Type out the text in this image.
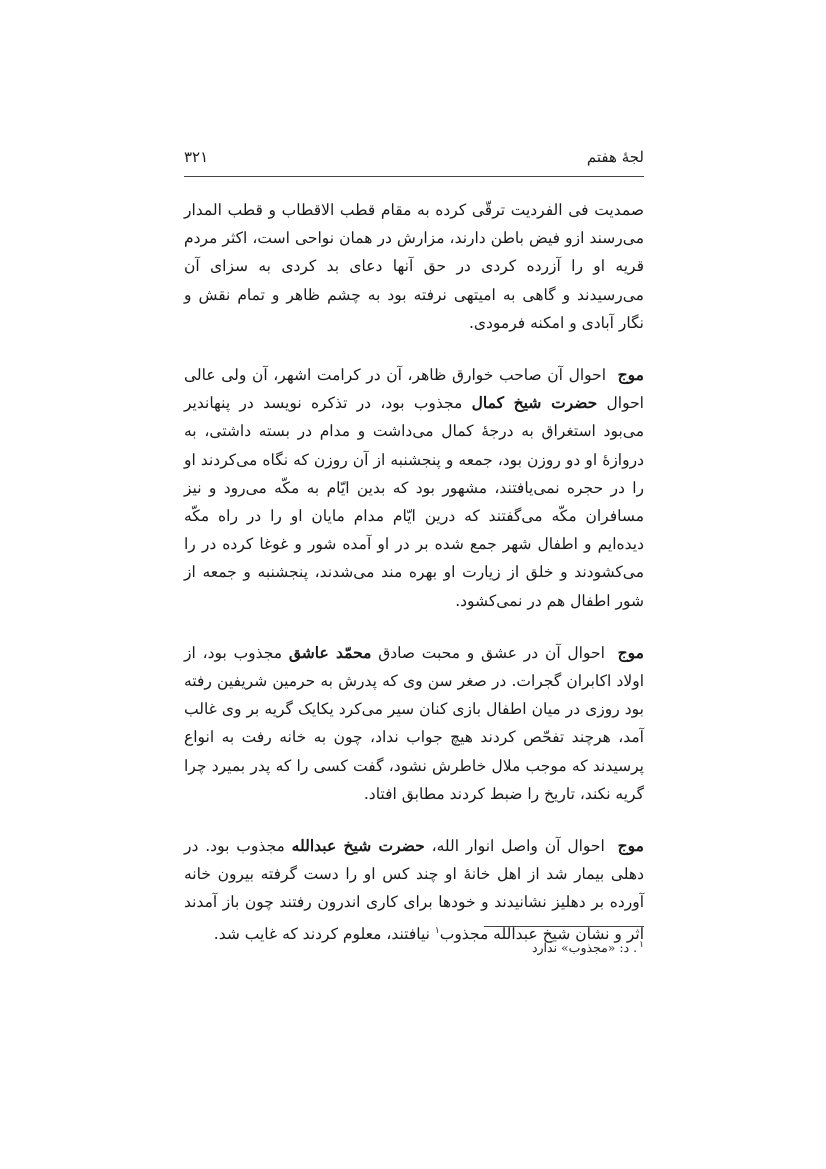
لجۀ هفتم
۳۲۱

صمدیت فی الفردیت ترقّی کرده به مقام قطب الاقطاب و قطب المدار می‌رسند ازو فیض باطن دارند، مزارش در همان نواحی است، اکثر مردم قریه او را آزرده کردی در حق آنها دعای بد کردی به سزای آن می‌رسیدند و گاهی به امیتهی نرفته بود به چشم ظاهر و تمام نقش و نگار آبادی و امکنه فرمودی.

موج احوال آن صاحب خوارق ظاهر، آن در کرامت اشهر، آن ولی عالی احوال حضرت شیخ کمال مجذوب بود، در تذکره نویسد در پنهاندیر می‌بود استغراق به درجۀ کمال می‌داشت و مدام در بسته داشتی، به دروازۀ او دو روزن بود، جمعه و پنجشنبه از آن روزن که نگاه می‌کردند او را در حجره نمی‌یافتند، مشهور بود که بدین ایّام به مکّه می‌رود و نیز مسافران مکّه می‌گفتند که درین ایّام مدام مایان او را در راه مکّه دیده‌ایم و اطفال شهر جمع شده بر در او آمده شور و غوغا کرده در را می‌کشودند و خلق از زیارت او بهره مند می‌شدند، پنجشنبه و جمعه از شور اطفال هم در نمی‌کشود.

موج احوال آن در عشق و محبت صادق محمّد عاشق مجذوب بود، از اولاد اکابران گجرات. در صغر سن وی که پدرش به حرمین شریفین رفته بود روزی در میان اطفال بازی کنان سیر می‌کرد یکایک گریه بر وی غالب آمد، هرچند تفحّص کردند هیچ جواب نداد، چون به خانه رفت به انواع پرسیدند که موجب ملال خاطرش نشود، گفت کسی را که پدر بمیرد چرا گریه نکند، تاریخ را ضبط کردند مطابق افتاد.

موج احوال آن واصل انوار الله، حضرت شیخ عبدالله مجذوب بود. در دهلی بیمار شد از اهل خانۀ او چند کس او را دست گرفته بیرون خانه آورده بر دهلیز نشانیدند و خودها برای کاری اندرون رفتند چون باز آمدند اثر و نشان شیخ عبدالله مجذوب$^۱$ نیافتند، معلوم کردند که غایب شد.

$^۱$. د: «مجذوب» ندارد
